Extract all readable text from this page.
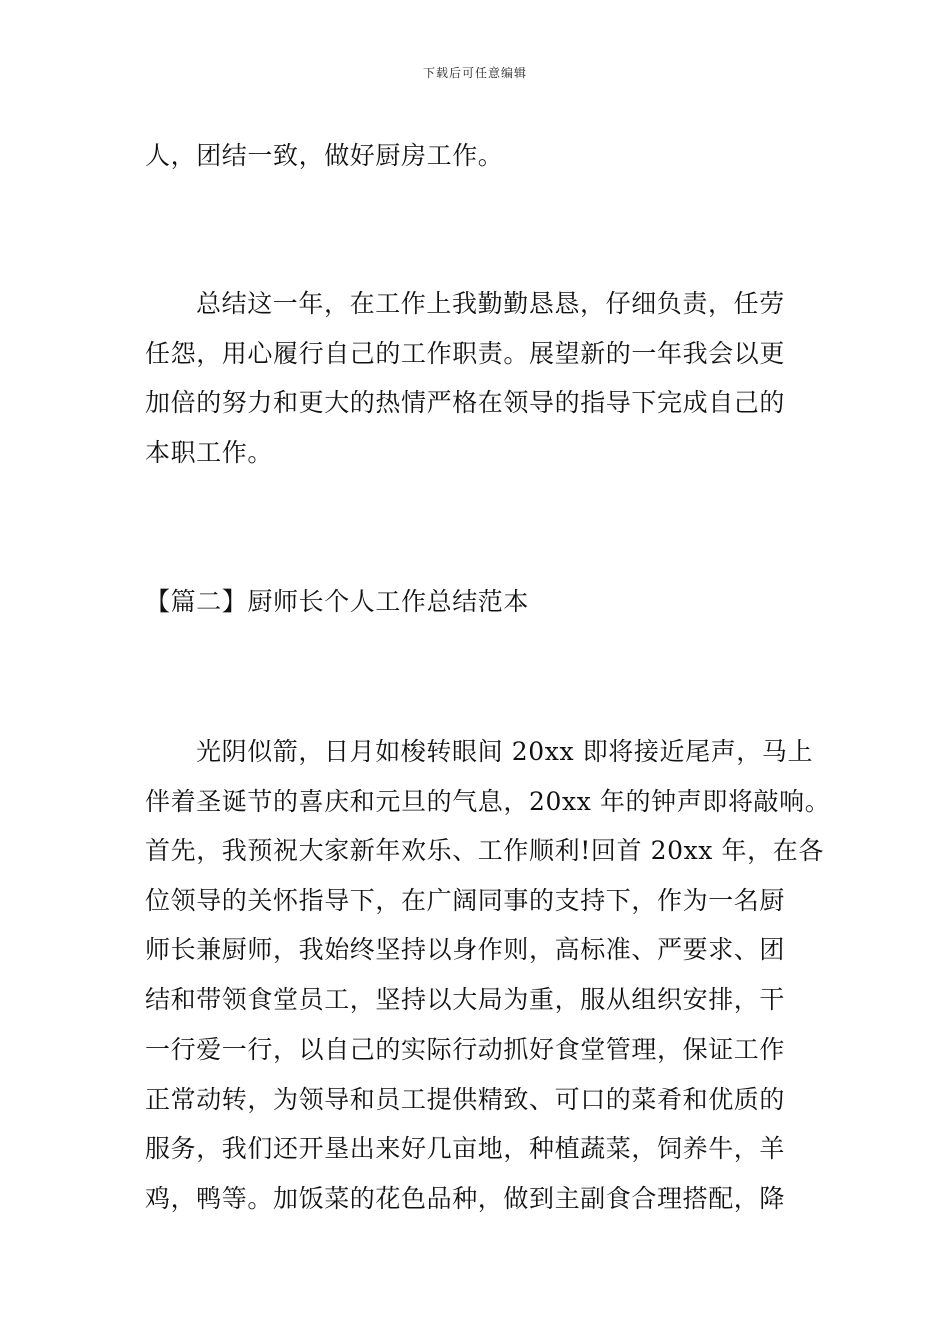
下载后可任意编辑
人，团结一致，做好厨房工作。
总结这一年，在工作上我勤勤恳恳，仔细负责，任劳
任怨，用心履行自己的工作职责。展望新的一年我会以更
加倍的努力和更大的热情严格在领导的指导下完成自己的
本职工作。
【篇二】厨师长个人工作总结范本
光阴似箭，日月如梭转眼间 20xx 即将接近尾声，马上
伴着圣诞节的喜庆和元旦的气息，20xx 年的钟声即将敲响。
首先，我预祝大家新年欢乐、工作顺利!回首 20xx 年，在各
位领导的关怀指导下，在广阔同事的支持下，作为一名厨
师长兼厨师，我始终坚持以身作则，高标准、严要求、团
结和带领食堂员工，坚持以大局为重，服从组织安排，干
一行爱一行，以自己的实际行动抓好食堂管理，保证工作
正常动转，为领导和员工提供精致、可口的菜肴和优质的
服务，我们还开垦出来好几亩地，种植蔬菜，饲养牛，羊
鸡，鸭等。加饭菜的花色品种，做到主副食合理搭配，降
